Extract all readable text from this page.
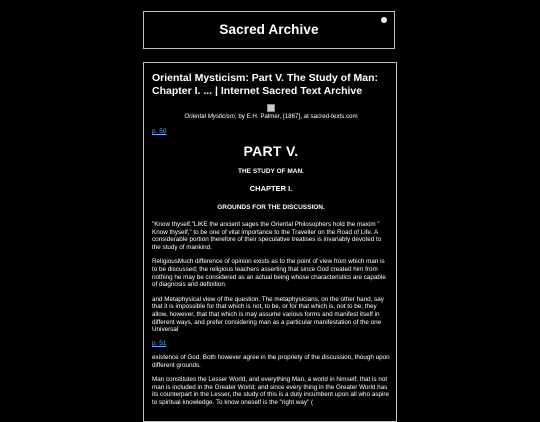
Sacred Archive
Oriental Mysticism: Part V. The Study of Man: Chapter I. ... | Internet Sacred Text Archive
Oriental Mysticism, by E.H. Palmer, [1867], at sacred-texts.com
p. 50
PART V.
THE STUDY OF MAN.
CHAPTER I.
GROUNDS FOR THE DISCUSSION.

"Know thyself."LIKE the ancient sages the Oriental Philosophers hold the maxim " Know thyself," to be one of vital importance to the Traveller on the Road of Life. A considerable portion therefore of their speculative treatises is invariably devoted to the study of mankind.

ReligiousMuch difference of opinion exists as to the point of view from which man is to be discussed; the religious teachers asserting that since God created him from nothing he may be considered as an actual being whose characteristics are capable of diagnosis and definition.

and Metaphysical view of the question. The metaphysicians, on the other hand, say that it is impossible for that which is not, to be, or for that which is, not to be; they allow, however, that that which is may assume various forms and manifest itself in different ways, and prefer considering man as a particular manifestation of the one Universal

p. 51

existence of God. Both however agree in the propriety of the discussion, though upon different grounds.

Man constitutes the Lesser World, and everything Man, a world in himself. that is not man is included in the Greater World; and since every thing in the Greater World has its counterpart in the Lesser, the study of this is a duty incumbent upon all who aspire to spiritual knowledge. To know oneself is the "right way" (
